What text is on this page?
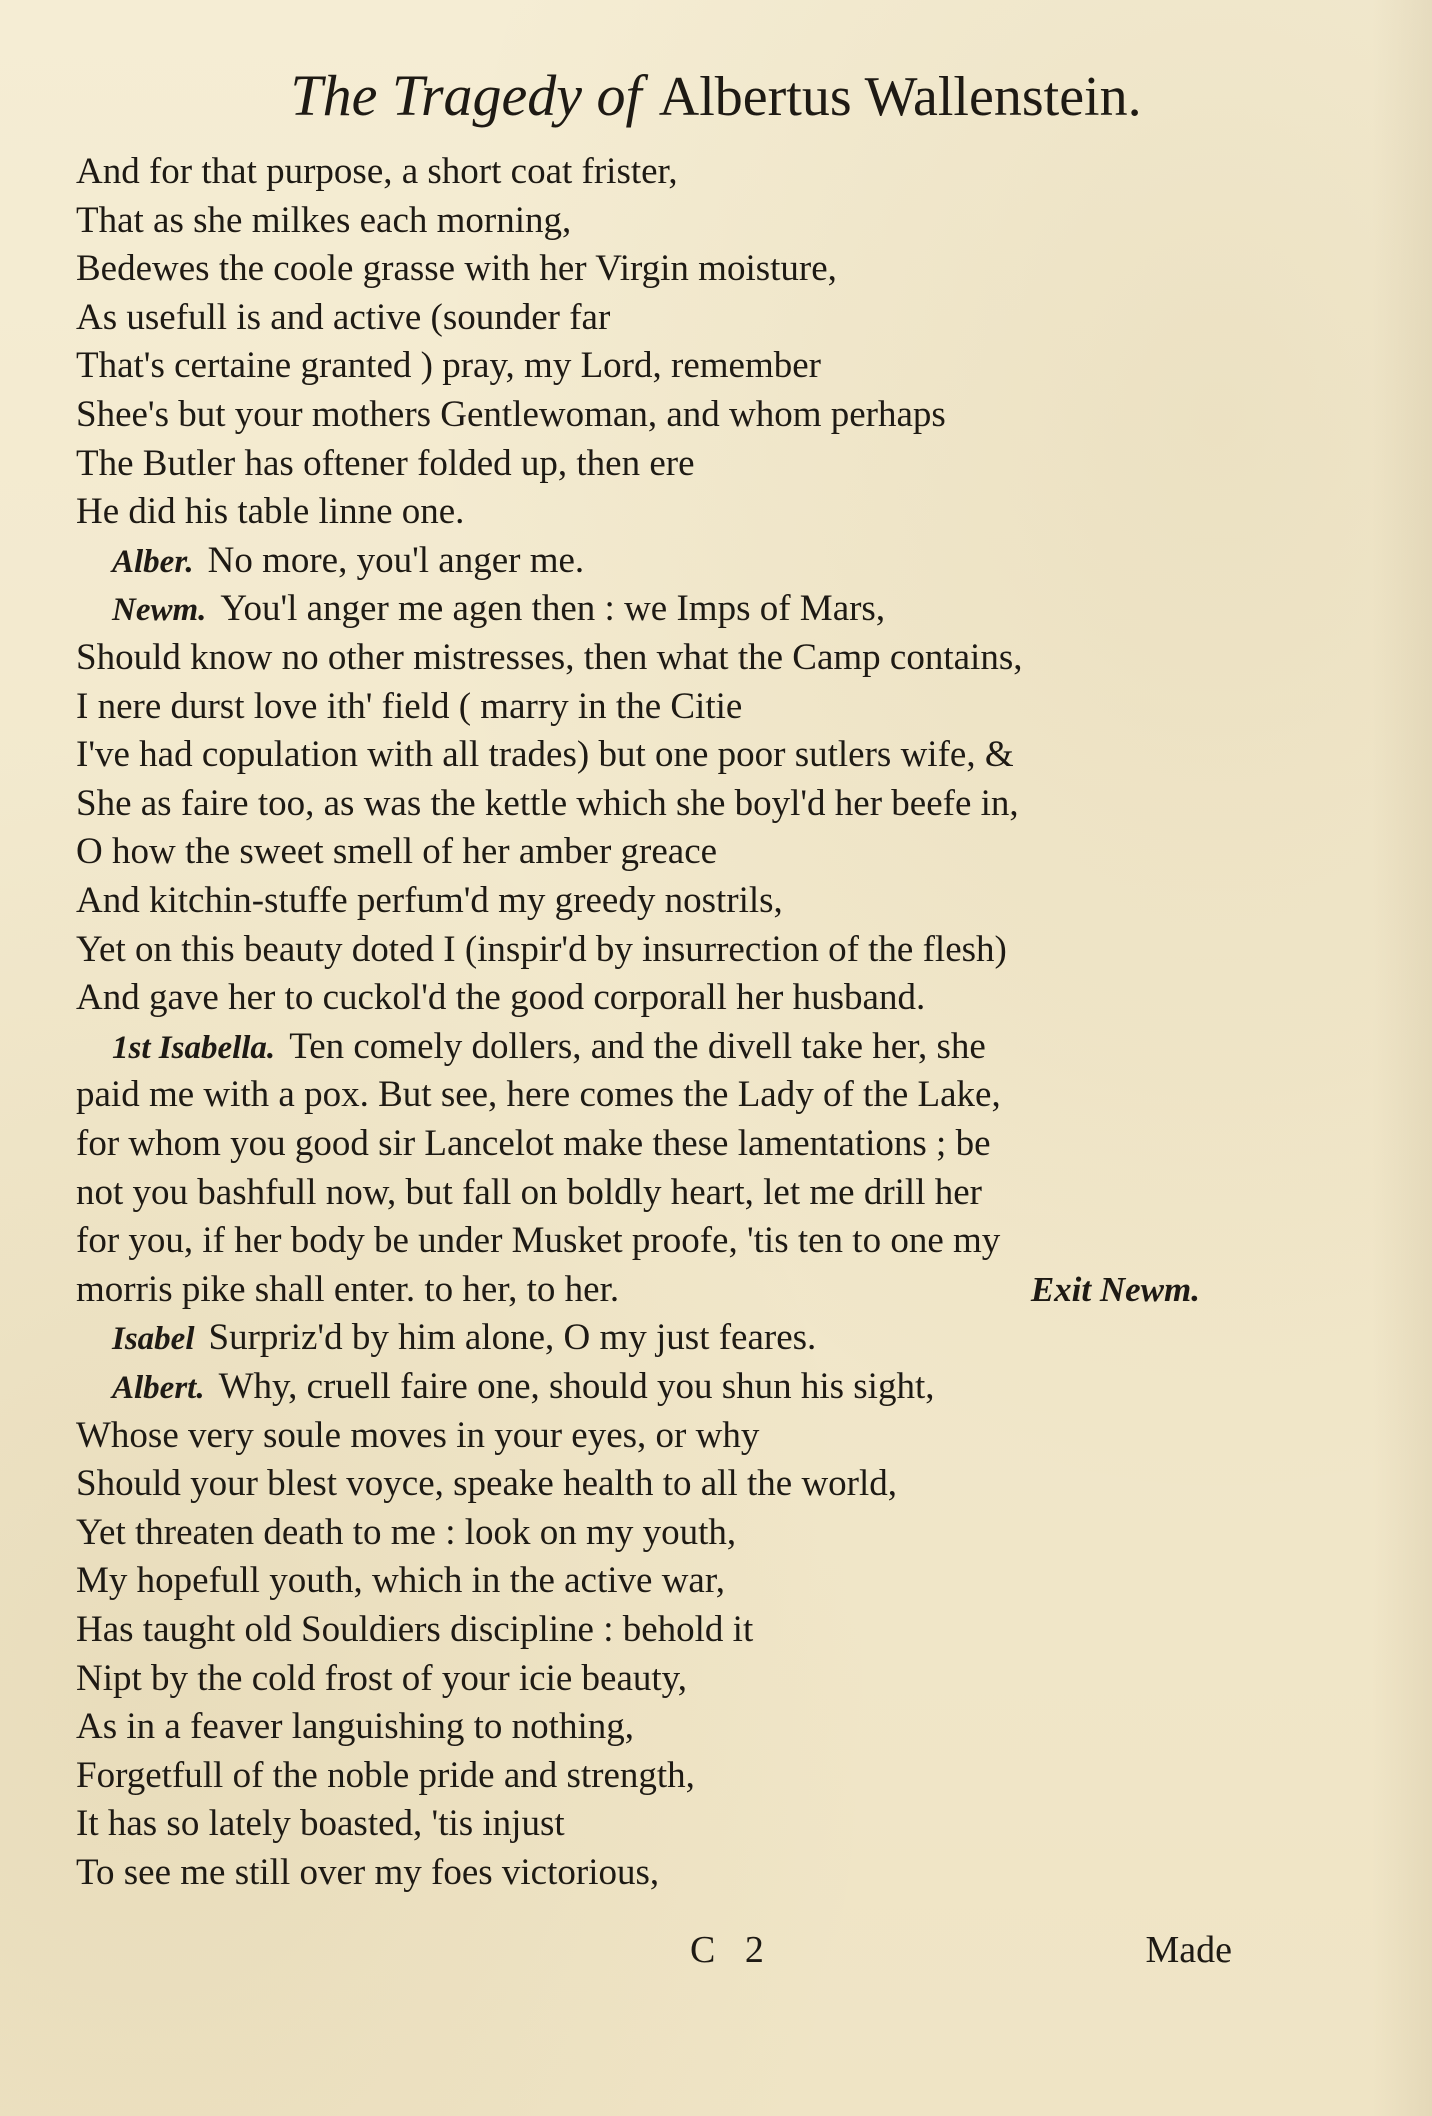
The Tragedy of Albertus Wallenstein.
And for that purpose, a short coat frister,
That as she milkes each morning,
Bedewes the coole grasse with her Virgin moisture,
As usefull is and active (sounder far
That's certaine granted ) pray, my Lord, remember
Shee's but your mothers Gentlewoman, and whom perhaps
The Butler has oftener folded up, then ere
He did his table linne one.
Alber. No more, you'l anger me.
Newm. You'l anger me agen then : we Imps of Mars,
Should know no other mistresses, then what the Camp contains,
I nere durst love ith' field ( marry in the Citie
I've had copulation with all trades) but one poor sutlers wife, &
She as faire too, as was the kettle which she boyl'd her beefe in,
O how the sweet smell of her amber greace
And kitchin-stuffe perfum'd my greedy nostrils,
Yet on this beauty doted I (inspir'd by insurrection of the flesh)
And gave her to cuckol'd the good corporall her husband.
1st Isabella. Ten comely dollers, and the divell take her, she
paid me with a pox. But see, here comes the Lady of the Lake,
for whom you good sir Lancelot make these lamentations ; be
not you bashfull now, but fall on boldly heart, let me drill her
for you, if her body be under Musket proofe, 'tis ten to one my
morris pike shall enter. to her, to her.	Exit Newm.
Isabel Surpriz'd by him alone, O my just feares.
Albert. Why, cruell faire one, should you shun his sight,
Whose very soule moves in your eyes, or why
Should your blest voyce, speake health to all the world,
Yet threaten death to me : look on my youth,
My hopefull youth, which in the active war,
Has taught old Souldiers discipline : behold it
Nipt by the cold frost of your icie beauty,
As in a feaver languishing to nothing,
Forgetfull of the noble pride and strength,
It has so lately boasted, 'tis injust
To see me still over my foes victorious,
C 2	Made
